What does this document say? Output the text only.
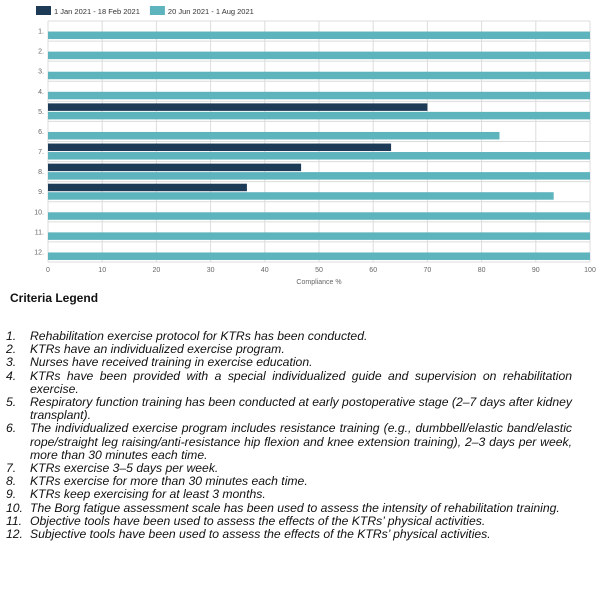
0	10	20	30	40	50	60	70	80	90	100
1.
2.
3.
4.
5.
6.
7.
8.
9.
10.
11.
12.
Compliance %
1 Jan 2021 - 18 Feb 2021	20 Jun 2021 - 1 Aug 2021
Criteria Legend
1. Rehabilitation exercise protocol for KTRs has been conducted.
2. KTRs have an individualized exercise program.
3. Nurses have received training in exercise education.
4. KTRs have been provided with a special individualized guide and supervision on rehabilitation exercise.
5. Respiratory function training has been conducted at early postoperative stage (2–7 days after kidney transplant).
6. The individualized exercise program includes resistance training (e.g., dumbbell/elastic band/elastic rope/straight leg raising/anti-resistance hip flexion and knee extension training), 2–3 days per week, more than 30 minutes each time.
7. KTRs exercise 3–5 days per week.
8. KTRs exercise for more than 30 minutes each time.
9. KTRs keep exercising for at least 3 months.
10. The Borg fatigue assessment scale has been used to assess the intensity of rehabilitation training.
11. Objective tools have been used to assess the effects of the KTRs’ physical activities.
12. Subjective tools have been used to assess the effects of the KTRs’ physical activities.
